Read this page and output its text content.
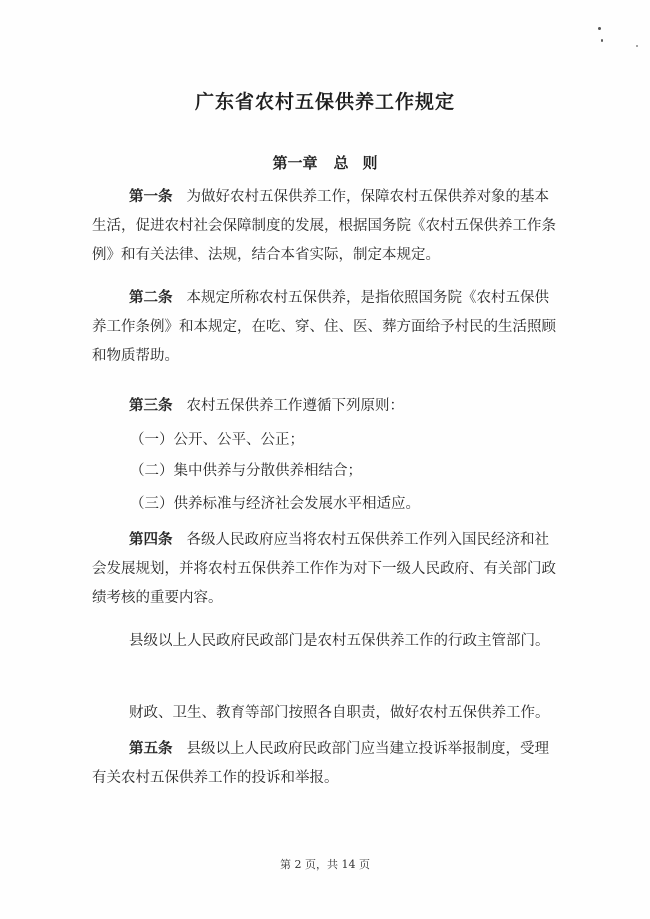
广东省农村五保供养工作规定
第一章 总 则
第一条 为做好农村五保供养工作，保障农村五保供养对象的基本生活，促进农村社会保障制度的发展，根据国务院《农村五保供养工作条例》和有关法律、法规，结合本省实际，制定本规定。
第二条 本规定所称农村五保供养，是指依照国务院《农村五保供养工作条例》和本规定，在吃、穿、住、医、葬方面给予村民的生活照顾和物质帮助。
第三条 农村五保供养工作遵循下列原则：
（一）公开、公平、公正；
（二）集中供养与分散供养相结合；
（三）供养标准与经济社会发展水平相适应。
第四条 各级人民政府应当将农村五保供养工作列入国民经济和社会发展规划，并将农村五保供养工作作为对下一级人民政府、有关部门政绩考核的重要内容。
县级以上人民政府民政部门是农村五保供养工作的行政主管部门。
财政、卫生、教育等部门按照各自职责，做好农村五保供养工作。
第五条 县级以上人民政府民政部门应当建立投诉举报制度，受理有关农村五保供养工作的投诉和举报。
第 2 页，共 14 页
